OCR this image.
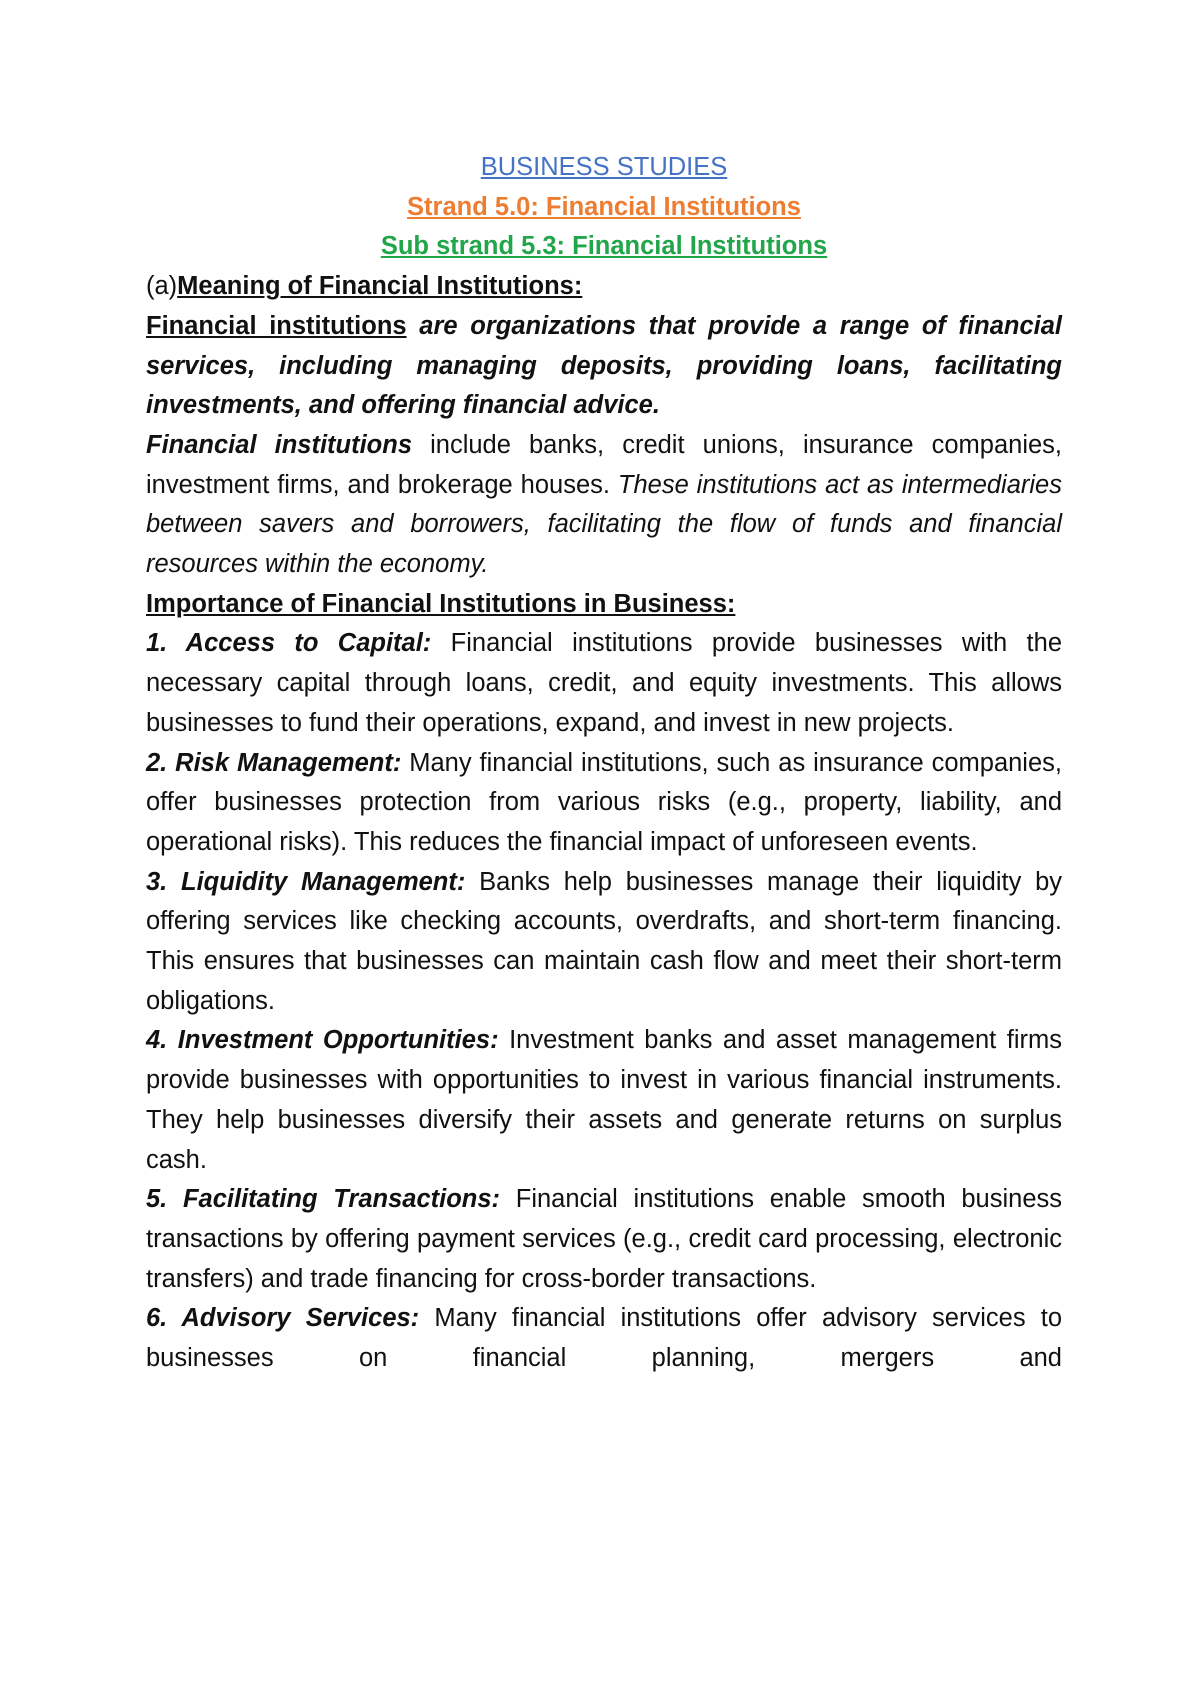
BUSINESS STUDIES

Strand 5.0: Financial Institutions

Sub strand 5.3: Financial Institutions

(a)Meaning of Financial Institutions:

Financial institutions are organizations that provide a range of financial services, including managing deposits, providing loans, facilitating investments, and offering financial advice.

Financial institutions include banks, credit unions, insurance companies, investment firms, and brokerage houses. These institutions act as intermediaries between savers and borrowers, facilitating the flow of funds and financial resources within the economy.

Importance of Financial Institutions in Business:

1. Access to Capital: Financial institutions provide businesses with the necessary capital through loans, credit, and equity investments. This allows businesses to fund their operations, expand, and invest in new projects.

2. Risk Management: Many financial institutions, such as insurance companies, offer businesses protection from various risks (e.g., property, liability, and operational risks). This reduces the financial impact of unforeseen events.

3. Liquidity Management: Banks help businesses manage their liquidity by offering services like checking accounts, overdrafts, and short-term financing. This ensures that businesses can maintain cash flow and meet their short-term obligations.

4. Investment Opportunities: Investment banks and asset management firms provide businesses with opportunities to invest in various financial instruments. They help businesses diversify their assets and generate returns on surplus cash.

5. Facilitating Transactions: Financial institutions enable smooth business transactions by offering payment services (e.g., credit card processing, electronic transfers) and trade financing for cross-border transactions.

6. Advisory Services: Many financial institutions offer advisory services to businesses on financial planning, mergers and
